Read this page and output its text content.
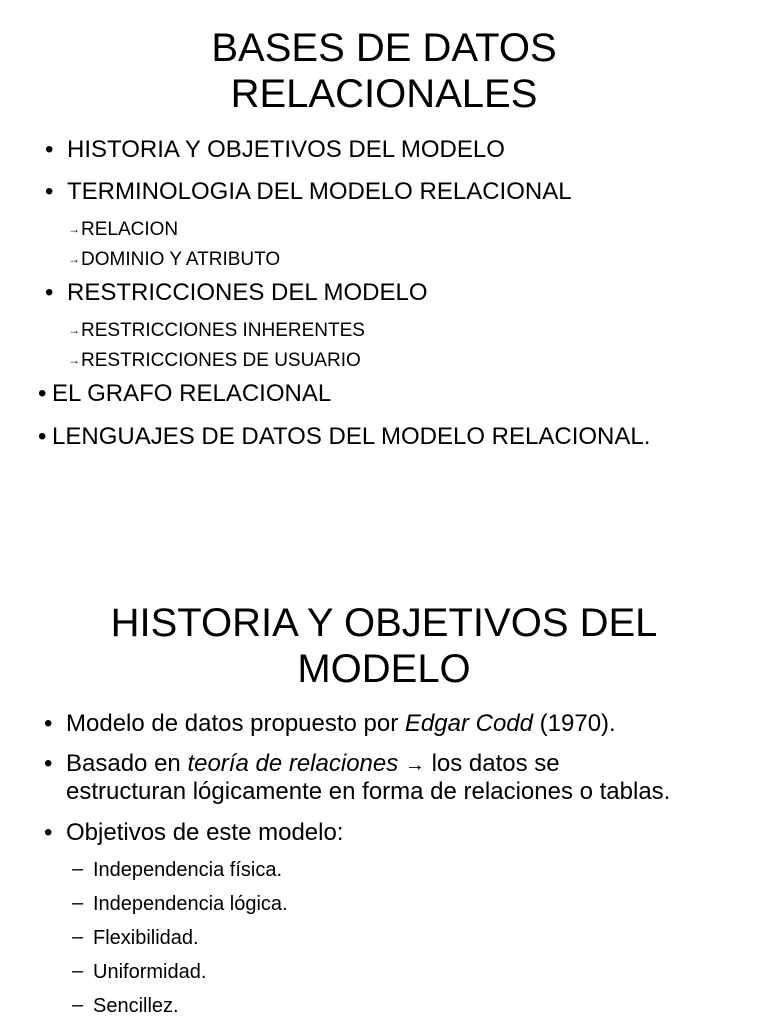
BASES DE DATOS
RELACIONALES
• HISTORIA Y OBJETIVOS DEL MODELO
• TERMINOLOGIA DEL MODELO RELACIONAL
→RELACION
→DOMINIO Y ATRIBUTO
• RESTRICCIONES DEL MODELO
→RESTRICCIONES INHERENTES
→RESTRICCIONES DE USUARIO
• EL GRAFO RELACIONAL
• LENGUAJES DE DATOS DEL MODELO RELACIONAL.
HISTORIA Y OBJETIVOS DEL
MODELO
• Modelo de datos propuesto por Edgar Codd (1970).
• Basado en teoría de relaciones → los datos se
estructuran lógicamente en forma de relaciones o tablas.
• Objetivos de este modelo:
– Independencia física.
– Independencia lógica.
– Flexibilidad.
– Uniformidad.
– Sencillez.
